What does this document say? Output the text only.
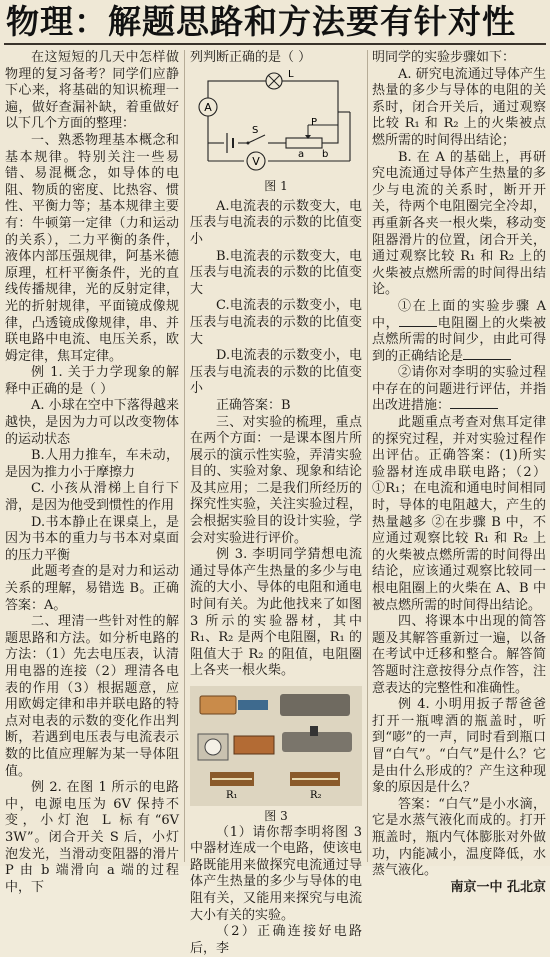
物理：解题思路和方法要有针对性

在这短短的几天中怎样做物理的复习备考？同学们应静下心来，将基础的知识梳理一遍，做好查漏补缺，着重做好以下几个方面的整理：

一、熟悉物理基本概念和基本规律。特别关注一些易错、易混概念，如导体的电阻、物质的密度、比热容、惯性、平衡力等；基本规律主要有：牛顿第一定律（力和运动的关系），二力平衡的条件，液体内部压强规律，阿基米德原理，杠杆平衡条件，光的直线传播规律，光的反射定律，光的折射规律，平面镜成像规律，凸透镜成像规律，串、并联电路中电流、电压关系，欧姆定律，焦耳定律。

例 1. 关于力学现象的解释中正确的是（ ）

A. 小球在空中下落得越来越快，是因为力可以改变物体的运动状态

B.人用力推车，车未动，是因为推力小于摩擦力

C. 小孩从滑梯上自行下滑，是因为他受到惯性的作用

D.书本静止在课桌上，是因为书本的重力与书本对桌面的压力平衡

此题考查的是对力和运动关系的理解，易错选 B。正确答案：A。

二、理清一些针对性的解题思路和方法。如分析电路的方法：（1）先去电压表，认清用电器的连接（2）理清各电表的作用（3）根据题意，应用欧姆定律和串并联电路的特点对电表的示数的变化作出判断，若遇到电压表与电流表示数的比值应理解为某一导体阻值。

例 2. 在图 1 所示的电路中，电源电压为 6V 保持不变，小灯泡 L 标有“6V 3W”。闭合开关 S 后，小灯泡发光，当滑动变阻器的滑片 P 由 b 端滑向 a 端的过程中，下

列判断正确的是（ ）

A
L
S
P
a b
V
图 1

A.电流表的示数变大，电压表与电流表的示数的比值变小

B.电流表的示数变大，电压表与电流表的示数的比值变大

C.电流表的示数变小，电压表与电流表的示数的比值变大

D.电流表的示数变小，电压表与电流表的示数的比值变小

正确答案：B

三、对实验的梳理，重点在两个方面：一是课本图片所展示的演示性实验，弄清实验目的、实验对象、现象和结论及其应用；二是我们所经历的探究性实验，关注实验过程，会根据实验目的设计实验，学会对实验进行评价。

例 3. 李明同学猜想电流通过导体产生热量的多少与电流的大小、导体的电阻和通电时间有关。为此他找来了如图 3 所示的实验器材，其中 R₁、R₂ 是两个电阻圈，R₁ 的阻值大于 R₂ 的阻值，电阻圈上各夹一根火柴。

R₁	R₂
图 3

（1）请你帮李明将图 3 中器材连成一个电路，使该电路既能用来做探究电流通过导体产生热量的多少与导体的电阻有关，又能用来探究与电流大小有关的实验。

（2）正确连接好电路后，李

明同学的实验步骤如下：

A. 研究电流通过导体产生热量的多少与导体的电阻的关系时，闭合开关后，通过观察比较 R₁ 和 R₂ 上的火柴被点燃所需的时间得出结论；

B. 在 A 的基础上，再研究电流通过导体产生热量的多少与电流的关系时，断开开关，待两个电阻圈完全冷却，再重新各夹一根火柴，移动变阻器滑片的位置，闭合开关，通过观察比较 R₁ 和 R₂ 上的火柴被点燃所需的时间得出结论。

①在上面的实验步骤 A 中，	电阻圈上的火柴被点燃所需的时间少，由此可得到的正确结论是

②请你对李明的实验过程中存在的问题进行评估，并指出改进措施：

此题重点考查对焦耳定律的探究过程，并对实验过程作出评估。正确答案：(1)所实验器材连成串联电路；（2）①R₁；在电流和通电时间相同时，导体的电阻越大，产生的热量越多 ②在步骤 B 中，不应通过观察比较 R₁ 和 R₂ 上的火柴被点燃所需的时间得出结论，应该通过观察比较同一根电阻圈上的火柴在 A、B 中被点燃所需的时间得出结论。

四、将课本中出现的简答题及其解答重新过一遍，以备在考试中迁移和整合。解答简答题时注意按得分点作答，注意表达的完整性和准确性。

例 4. 小明用扳子帮爸爸打开一瓶啤酒的瓶盖时，听到“嘭”的一声，同时看到瓶口冒“白气”。“白气”是什么？它是由什么形成的？产生这种现象的原因是什么？

答案：“白气”是小水滴，它是水蒸气液化而成的。打开瓶盖时，瓶内气体膨胀对外做功，内能减小，温度降低，水蒸气液化。

南京一中 孔北京
